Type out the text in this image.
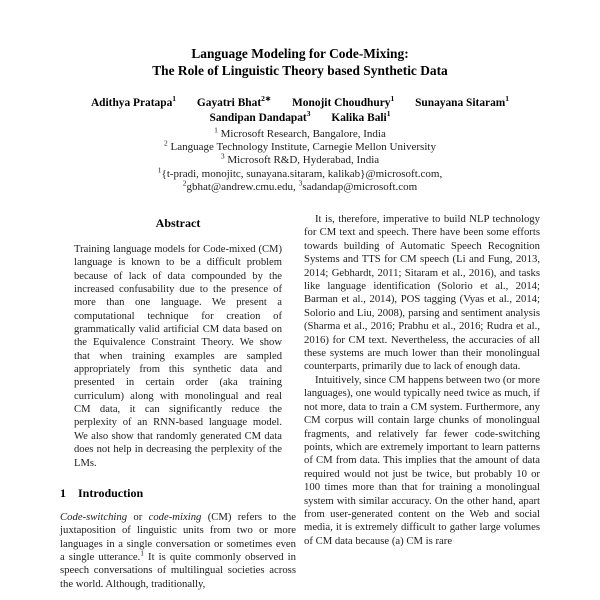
Language Modeling for Code-Mixing:
The Role of Linguistic Theory based Synthetic Data
Adithya Pratapa$^1$ Gayatri Bhat$^{2∗}$ Monojit Choudhury$^1$ Sunayana Sitaram$^1$
Sandipan Dandapat$^3$ Kalika Bali$^1$
$^1$ Microsoft Research, Bangalore, India
$^2$ Language Technology Institute, Carnegie Mellon University
$^3$ Microsoft R&D, Hyderabad, India
$^1${t-pradi, monojitc, sunayana.sitaram, kalikab}@microsoft.com,
$^2$gbhat@andrew.cmu.edu, $^3$sadandap@microsoft.com
Abstract
Training language models for Code-mixed (CM) language is known to be a difficult problem because of lack of data compounded by the increased confusability due to the presence of more than one language. We present a computational technique for creation of grammatically valid artificial CM data based on the Equivalence Constraint Theory. We show that when training examples are sampled appropriately from this synthetic data and presented in certain order (aka training curriculum) along with monolingual and real CM data, it can significantly reduce the perplexity of an RNN-based language model. We also show that randomly generated CM data does not help in decreasing the perplexity of the LMs.
1 Introduction
Code-switching or code-mixing (CM) refers to the juxtaposition of linguistic units from two or more languages in a single conversation or sometimes even a single utterance.$^1$ It is quite commonly observed in speech conversations of multilingual societies across the world. Although, traditionally,
It is, therefore, imperative to build NLP technology for CM text and speech. There have been some efforts towards building of Automatic Speech Recognition Systems and TTS for CM speech (Li and Fung, 2013, 2014; Gebhardt, 2011; Sitaram et al., 2016), and tasks like language identification (Solorio et al., 2014; Barman et al., 2014), POS tagging (Vyas et al., 2014; Solorio and Liu, 2008), parsing and sentiment analysis (Sharma et al., 2016; Prabhu et al., 2016; Rudra et al., 2016) for CM text. Nevertheless, the accuracies of all these systems are much lower than their monolingual counterparts, primarily due to lack of enough data.
Intuitively, since CM happens between two (or more languages), one would typically need twice as much, if not more, data to train a CM system. Furthermore, any CM corpus will contain large chunks of monolingual fragments, and relatively far fewer code-switching points, which are extremely important to learn patterns of CM from data. This implies that the amount of data required would not just be twice, but probably 10 or 100 times more than that for training a monolingual system with similar accuracy. On the other hand, apart from user-generated content on the Web and social media, it is extremely difficult to gather large volumes of CM data because (a) CM is rare
